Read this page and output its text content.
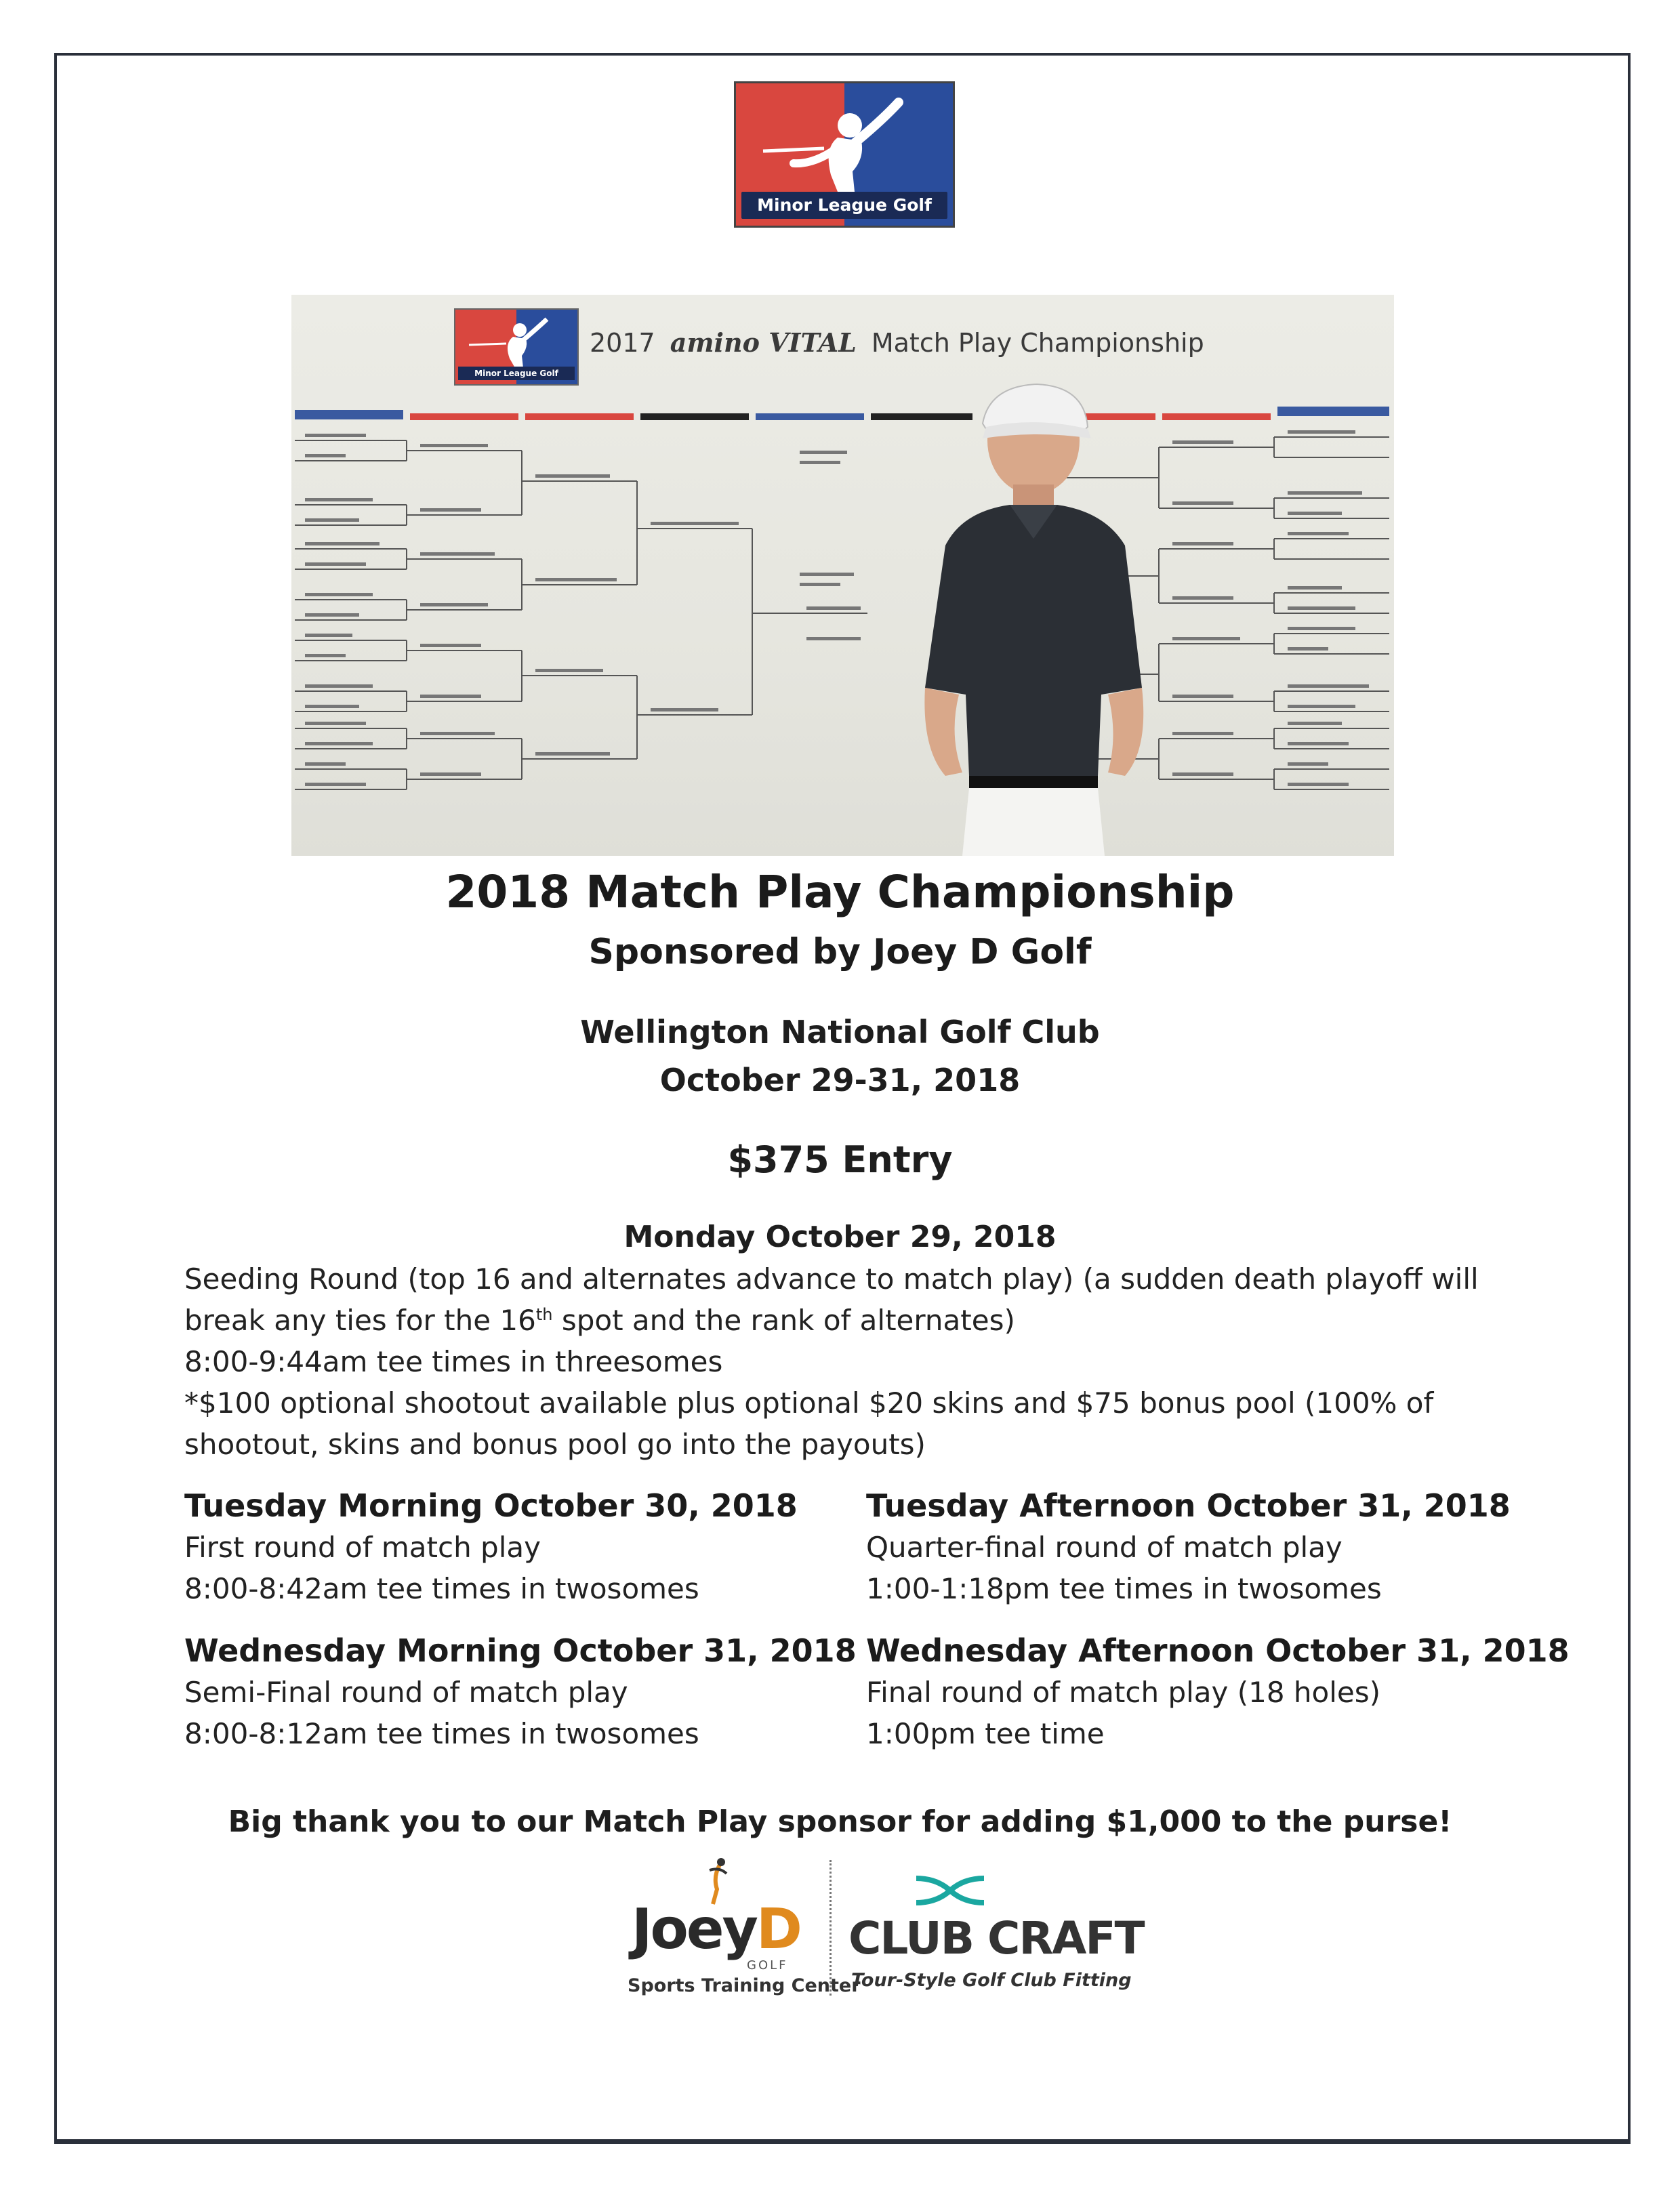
Minor League Golf
Minor League Golf
2017 amino VITAL Match Play Championship
2018 Match Play Championship
Sponsored by Joey D Golf
Wellington National Golf Club
October 29-31, 2018
$375 Entry
Monday October 29, 2018

Seeding Round (top 16 and alternates advance to match play) (a sudden death playoff will

break any ties for the 16th spot and the rank of alternates)

8:00-9:44am tee times in threesomes

*$100 optional shootout available plus optional $20 skins and $75 bonus pool (100% of

shootout, skins and bonus pool go into the payouts)

Tuesday Morning October 30, 2018
First round of match play
8:00-8:42am tee times in twosomes
Tuesday Afternoon October 31, 2018
Quarter-final round of match play
1:00-1:18pm tee times in twosomes
Wednesday Morning October 31, 2018
Semi-Final round of match play
8:00-8:12am tee times in twosomes
Wednesday Afternoon October 31, 2018
Final round of match play (18 holes)
1:00pm tee time
Big thank you to our Match Play sponsor for adding $1,000 to the purse!
JoeyD
GOLF
Sports Training Center
CLUB CRAFT
Tour-Style Golf Club Fitting
